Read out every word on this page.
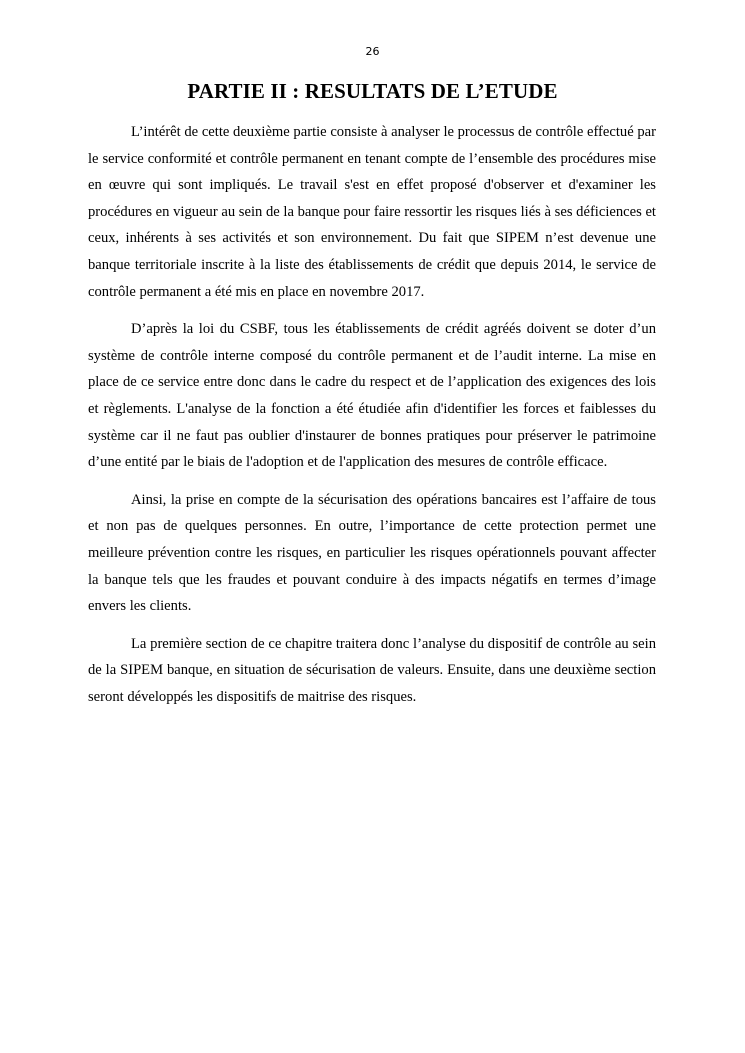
26
PARTIE II : RESULTATS DE L’ETUDE

L’intérêt de cette deuxième partie consiste à analyser le processus de contrôle effectué par le service conformité et contrôle permanent en tenant compte de l’ensemble des procédures mise en œuvre qui sont impliqués. Le travail s'est en effet proposé d'observer et d'examiner les procédures en vigueur au sein de la banque pour faire ressortir les risques liés à ses déficiences et ceux, inhérents à ses activités et son environnement. Du fait que SIPEM n’est devenue une banque territoriale inscrite à la liste des établissements de crédit que depuis 2014, le service de contrôle permanent a été mis en place en novembre 2017.

D’après la loi du CSBF, tous les établissements de crédit agréés doivent se doter d’un système de contrôle interne composé du contrôle permanent et de l’audit interne. La mise en place de ce service entre donc dans le cadre du respect et de l’application des exigences des lois et règlements. L'analyse de la fonction a été étudiée afin d'identifier les forces et faiblesses du système car il ne faut pas oublier d'instaurer de bonnes pratiques pour préserver le patrimoine d’une entité par le biais de l'adoption et de l'application des mesures de contrôle efficace.

Ainsi, la prise en compte de la sécurisation des opérations bancaires est l’affaire de tous et non pas de quelques personnes. En outre, l’importance de cette protection permet une meilleure prévention contre les risques, en particulier les risques opérationnels pouvant affecter la banque tels que les fraudes et pouvant conduire à des impacts négatifs en termes d’image envers les clients.

La première section de ce chapitre traitera donc l’analyse du dispositif de contrôle au sein de la SIPEM banque, en situation de sécurisation de valeurs. Ensuite, dans une deuxième section seront développés les dispositifs de maitrise des risques.
